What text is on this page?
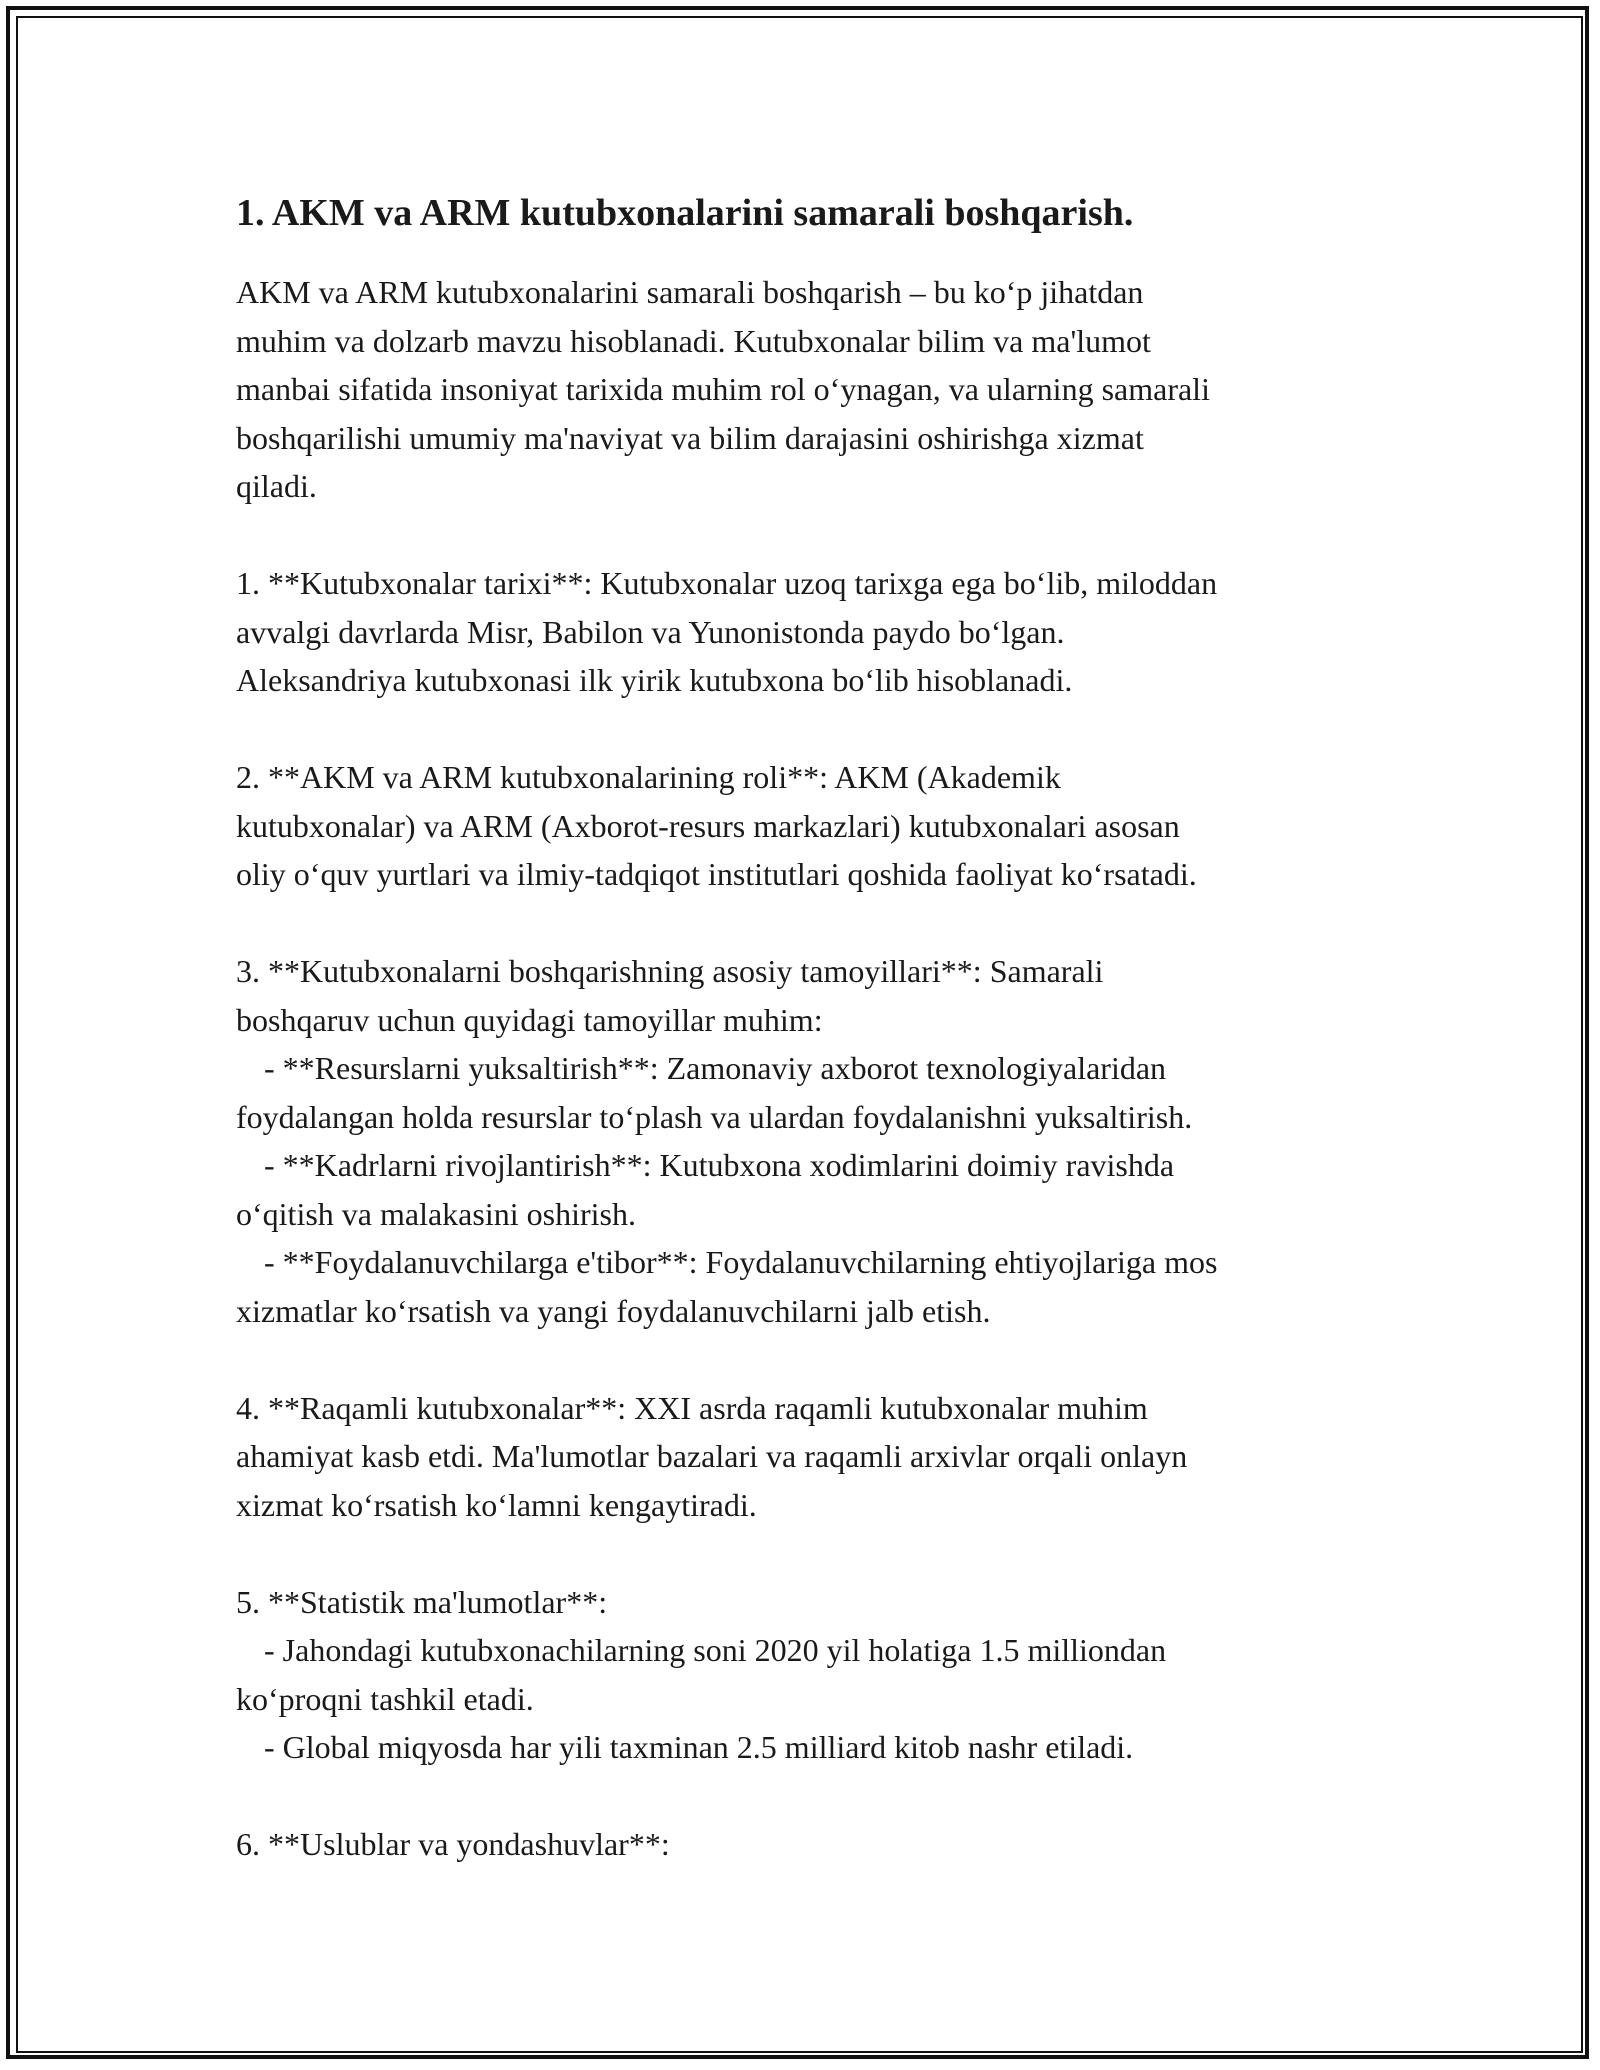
1. AKM va ARM kutubxonalarini samarali boshqarish.

AKM va ARM kutubxonalarini samarali boshqarish – bu koʻp jihatdan
muhim va dolzarb mavzu hisoblanadi. Kutubxonalar bilim va ma'lumot
manbai sifatida insoniyat tarixida muhim rol oʻynagan, va ularning samarali
boshqarilishi umumiy ma'naviyat va bilim darajasini oshirishga xizmat
qiladi.

1. **Kutubxonalar tarixi**: Kutubxonalar uzoq tarixga ega boʻlib, miloddan
avvalgi davrlarda Misr, Babilon va Yunonistonda paydo boʻlgan.
Aleksandriya kutubxonasi ilk yirik kutubxona boʻlib hisoblanadi.

2. **AKM va ARM kutubxonalarining roli**: AKM (Akademik
kutubxonalar) va ARM (Axborot-resurs markazlari) kutubxonalari asosan
oliy oʻquv yurtlari va ilmiy-tadqiqot institutlari qoshida faoliyat koʻrsatadi.

3. **Kutubxonalarni boshqarishning asosiy tamoyillari**: Samarali
boshqaruv uchun quyidagi tamoyillar muhim:
- **Resurslarni yuksaltirish**: Zamonaviy axborot texnologiyalaridan
foydalangan holda resurslar toʻplash va ulardan foydalanishni yuksaltirish.
- **Kadrlarni rivojlantirish**: Kutubxona xodimlarini doimiy ravishda
oʻqitish va malakasini oshirish.
- **Foydalanuvchilarga e'tibor**: Foydalanuvchilarning ehtiyojlariga mos
xizmatlar koʻrsatish va yangi foydalanuvchilarni jalb etish.

4. **Raqamli kutubxonalar**: XXI asrda raqamli kutubxonalar muhim
ahamiyat kasb etdi. Ma'lumotlar bazalari va raqamli arxivlar orqali onlayn
xizmat koʻrsatish koʻlamni kengaytiradi.

5. **Statistik ma'lumotlar**:
- Jahondagi kutubxonachilarning soni 2020 yil holatiga 1.5 milliondan
koʻproqni tashkil etadi.
- Global miqyosda har yili taxminan 2.5 milliard kitob nashr etiladi.

6. **Uslublar va yondashuvlar**:
